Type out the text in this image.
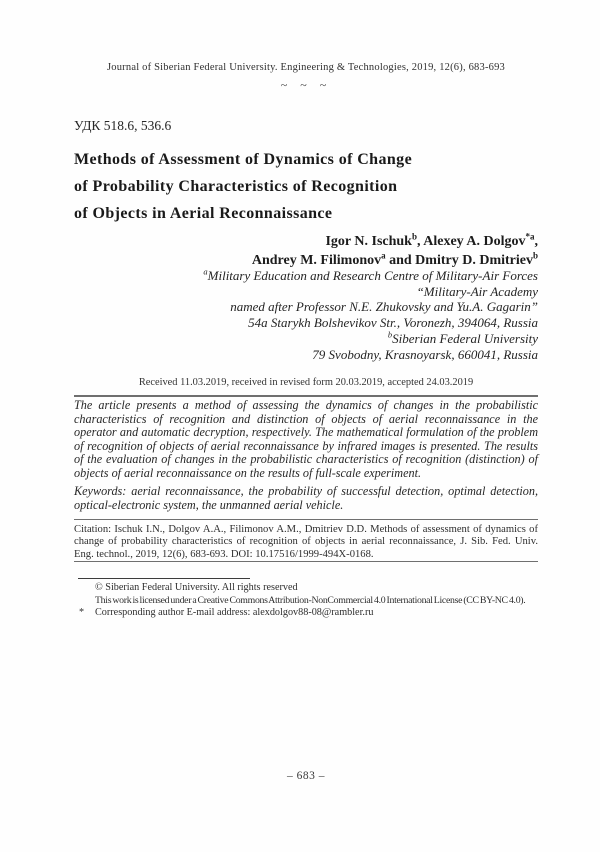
Journal of Siberian Federal University. Engineering & Technologies, 2019, 12(6), 683-693
~ ~ ~
УДК 518.6, 536.6
Methods of Assessment of Dynamics of Change
of Probability Characteristics of Recognition
of Objects in Aerial Reconnaissance
Igor N. Ischuk$^b$, Alexey A. Dolgov$^{*a}$,
Andrey M. Filimonov$^a$ and Dmitry D. Dmitriev$^b$
$^a$Military Education and Research Centre of Military-Air Forces
“Military-Air Academy
named after Professor N.E. Zhukovsky and Yu.A. Gagarin”
54a Starykh Bolshevikov Str., Voronezh, 394064, Russia
$^b$Siberian Federal University
79 Svobodny, Krasnoyarsk, 660041, Russia
Received 11.03.2019, received in revised form 20.03.2019, accepted 24.03.2019
The article presents a method of assessing the dynamics of changes in the probabilistic characteristics of recognition and distinction of objects of aerial reconnaissance in the operator and automatic decryption, respectively. The mathematical formulation of the problem of recognition of objects of aerial reconnaissance by infrared images is presented. The results of the evaluation of changes in the probabilistic characteristics of recognition (distinction) of objects of aerial reconnaissance on the results of full-scale experiment.
Keywords: aerial reconnaissance, the probability of successful detection, optimal detection, optical-electronic system, the unmanned aerial vehicle.
Citation: Ischuk I.N., Dolgov A.A., Filimonov A.M., Dmitriev D.D. Methods of assessment of dynamics of change of probability characteristics of recognition of objects in aerial reconnaissance, J. Sib. Fed. Univ. Eng. technol., 2019, 12(6), 683-693. DOI: 10.17516/1999-494X-0168.
© Siberian Federal University. All rights reserved
This work is licensed under a Creative Commons Attribution-NonCommercial 4.0 International License (CC BY-NC 4.0).
* Corresponding author E-mail address: alexdolgov88-08@rambler.ru
– 683 –
